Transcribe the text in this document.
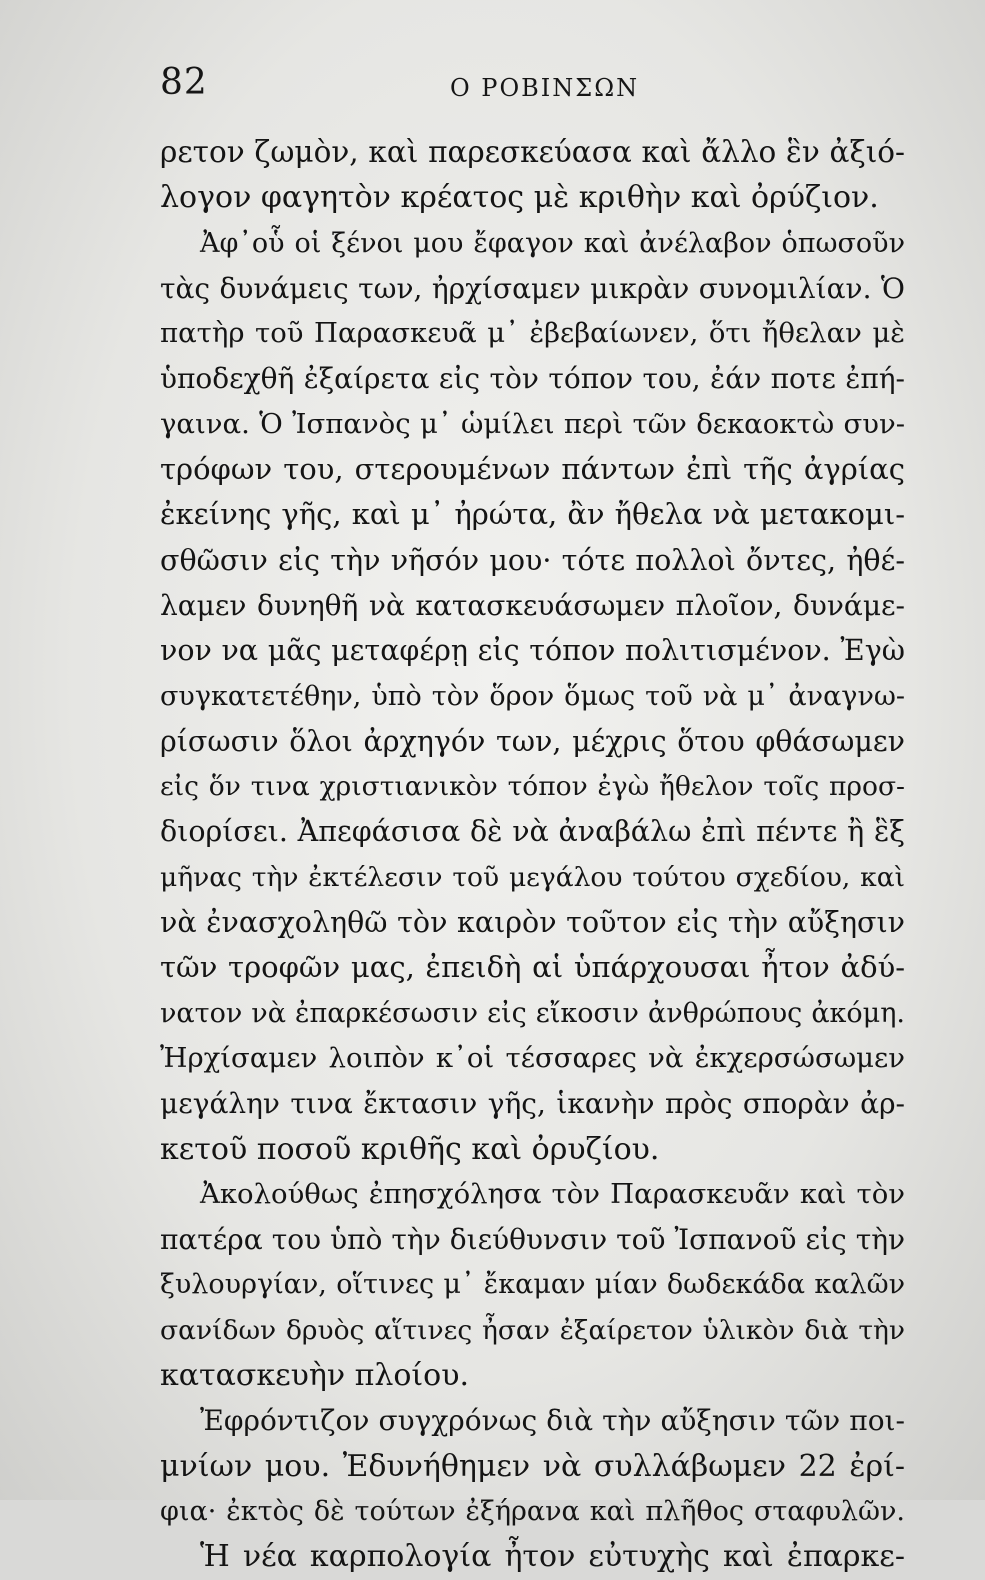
82	Ο ΡΟΒΙΝΣΩΝ
ρετον ζωμὸν, καὶ παρεσκεύασα καὶ ἄλλο ἓν ἀξιό-
λογον φαγητὸν κρέατος μὲ κριθὴν καὶ ὀρύζιον.
Ἀφ᾽οὗ οἱ ξένοι μου ἔφαγον καὶ ἀνέλαβον ὁπωσοῦν
τὰς δυνάμεις των, ἠρχίσαμεν μικρὰν συνομιλίαν. Ὁ
πατὴρ τοῦ Παρασκευᾶ μ᾽ ἐβεβαίωνεν, ὅτι ἤθελαν μὲ
ὑποδεχθῆ ἐξαίρετα εἰς τὸν τόπον του, ἐάν ποτε ἐπή-
γαινα. Ὁ Ἰσπανὸς μ᾽ ὡμίλει περὶ τῶν δεκαοκτὼ συν-
τρόφων του, στερουμένων πάντων ἐπὶ τῆς ἀγρίας
ἐκείνης γῆς, καὶ μ᾽ ἠρώτα, ἂν ἤθελα νὰ μετακομι-
σθῶσιν εἰς τὴν νῆσόν μου· τότε πολλοὶ ὄντες, ἠθέ-
λαμεν δυνηθῆ νὰ κατασκευάσωμεν πλοῖον, δυνάμε-
νον να μᾶς μεταφέρῃ εἰς τόπον πολιτισμένον. Ἐγὼ
συγκατετέθην, ὑπὸ τὸν ὅρον ὅμως τοῦ νὰ μ᾽ ἀναγνω-
ρίσωσιν ὅλοι ἀρχηγόν των, μέχρις ὅτου φθάσωμεν
εἰς ὅν τινα χριστιανικὸν τόπον ἐγὼ ἤθελον τοῖς προσ-
διορίσει. Ἀπεφάσισα δὲ νὰ ἀναβάλω ἐπὶ πέντε ἢ ἓξ
μῆνας τὴν ἐκτέλεσιν τοῦ μεγάλου τούτου σχεδίου, καὶ
νὰ ἐνασχοληθῶ τὸν καιρὸν τοῦτον εἰς τὴν αὔξησιν
τῶν τροφῶν μας, ἐπειδὴ αἱ ὑπάρχουσαι ἦτον ἀδύ-
νατον νὰ ἐπαρκέσωσιν εἰς εἴκοσιν ἀνθρώπους ἀκόμη.
Ἠρχίσαμεν λοιπὸν κ᾽οἱ τέσσαρες νὰ ἐκχερσώσωμεν
μεγάλην τινα ἔκτασιν γῆς, ἱκανὴν πρὸς σπορὰν ἀρ-
κετοῦ ποσοῦ κριθῆς καὶ ὀρυζίου.
Ἀκολούθως ἐπησχόλησα τὸν Παρασκευᾶν καὶ τὸν
πατέρα του ὑπὸ τὴν διεύθυνσιν τοῦ Ἰσπανοῦ εἰς τὴν
ξυλουργίαν, οἵτινες μ᾽ ἔκαμαν μίαν δωδεκάδα καλῶν
σανίδων δρυὸς αἵτινες ἦσαν ἐξαίρετον ὑλικὸν διὰ τὴν
κατασκευὴν πλοίου.
Ἐφρόντιζον συγχρόνως διὰ τὴν αὔξησιν τῶν ποι-
μνίων μου. Ἐδυνήθημεν νὰ συλλάβωμεν 22 ἐρί-
φια· ἐκτὸς δὲ τούτων ἐξήρανα καὶ πλῆθος σταφυλῶν.
Ἡ νέα καρπολογία ἦτον εὐτυχὴς καὶ ἐπαρκε-
